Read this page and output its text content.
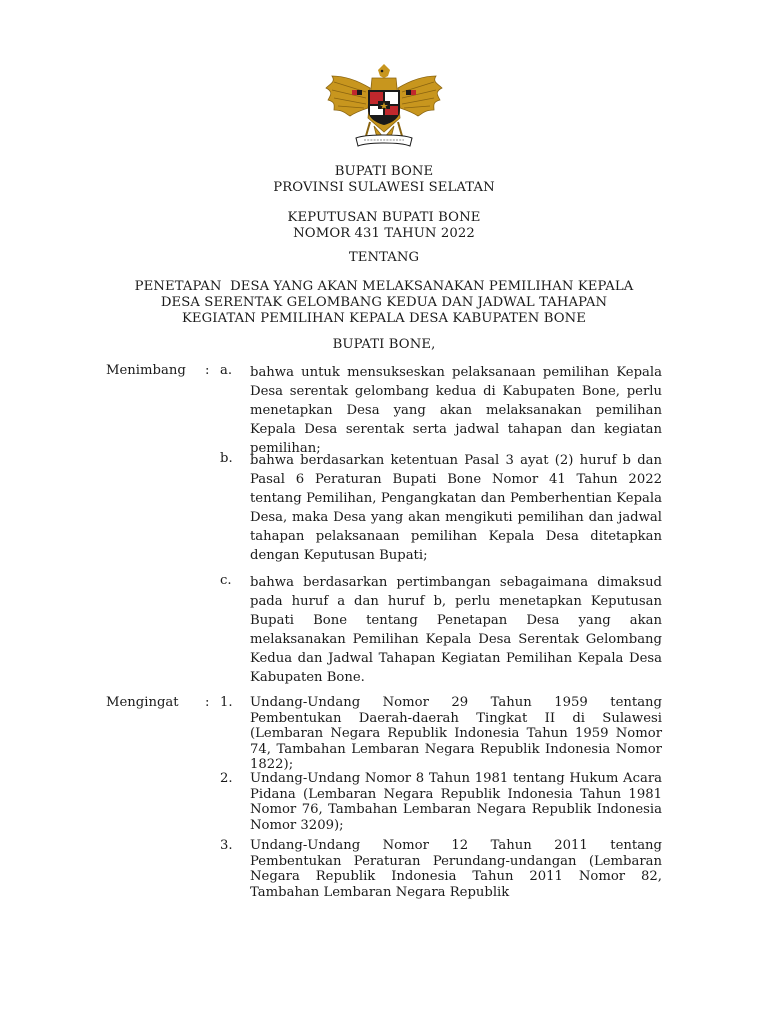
BUPATI BONE
PROVINSI SULAWESI SELATAN
KEPUTUSAN BUPATI BONE
NOMOR 431 TAHUN 2022
TENTANG
PENETAPAN  DESA YANG AKAN MELAKSANAKAN PEMILIHAN KEPALA
DESA SERENTAK GELOMBANG KEDUA DAN JADWAL TAHAPAN
KEGIATAN PEMILIHAN KEPALA DESA KABUPATEN BONE
BUPATI BONE,
Menimbang : a. bahwa untuk mensukseskan pelaksanaan pemilihan Kepala Desa serentak gelombang kedua di Kabupaten Bone, perlu menetapkan Desa yang akan melaksanakan pemilihan Kepala Desa serentak serta jadwal tahapan dan kegiatan pemilihan;
b. bahwa berdasarkan ketentuan Pasal 3 ayat (2) huruf b dan Pasal 6 Peraturan Bupati Bone Nomor 41 Tahun 2022 tentang Pemilihan, Pengangkatan dan Pemberhentian Kepala Desa, maka Desa yang akan mengikuti pemilihan dan jadwal tahapan pelaksanaan pemilihan Kepala Desa ditetapkan dengan Keputusan Bupati;
c. bahwa berdasarkan pertimbangan sebagaimana dimaksud pada huruf a dan huruf b, perlu menetapkan Keputusan Bupati Bone tentang Penetapan Desa yang akan melaksanakan Pemilihan Kepala Desa Serentak Gelombang Kedua dan Jadwal Tahapan Kegiatan Pemilihan Kepala Desa Kabupaten Bone.
Mengingat : 1. Undang-Undang Nomor 29 Tahun 1959 tentang Pembentukan Daerah-daerah Tingkat II di Sulawesi (Lembaran Negara Republik Indonesia Tahun 1959 Nomor 74, Tambahan Lembaran Negara Republik Indonesia Nomor 1822);
2. Undang-Undang Nomor 8 Tahun 1981 tentang Hukum Acara Pidana (Lembaran Negara Republik Indonesia Tahun 1981 Nomor 76, Tambahan Lembaran Negara Republik Indonesia Nomor 3209);
3. Undang-Undang Nomor 12 Tahun 2011 tentang Pembentukan Peraturan Perundang-undangan (Lembaran Negara Republik Indonesia Tahun 2011 Nomor 82, Tambahan Lembaran Negara Republik
